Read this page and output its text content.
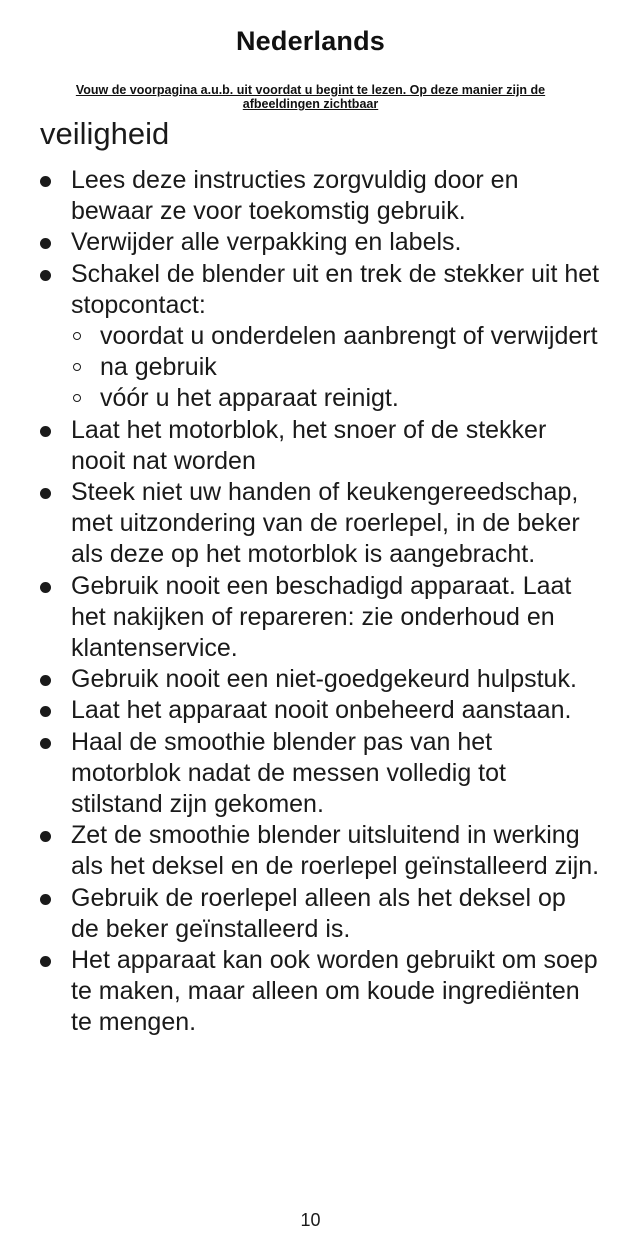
Nederlands
Vouw de voorpagina a.u.b. uit voordat u begint te lezen. Op deze manier zijn de afbeeldingen zichtbaar
veiligheid
Lees deze instructies zorgvuldig door en bewaar ze voor toekomstig gebruik.
Verwijder alle verpakking en labels.
Schakel de blender uit en trek de stekker uit het stopcontact:
voordat u onderdelen aanbrengt of verwijdert
na gebruik
vóór u het apparaat reinigt.
Laat het motorblok, het snoer of de stekker nooit nat worden
Steek niet uw handen of keukengereedschap, met uitzondering van de roerlepel, in de beker als deze op het motorblok is aangebracht.
Gebruik nooit een beschadigd apparaat. Laat het nakijken of repareren: zie onderhoud en klantenservice.
Gebruik nooit een niet-goedgekeurd hulpstuk.
Laat het apparaat nooit onbeheerd aanstaan.
Haal de smoothie blender pas van het motorblok nadat de messen volledig tot stilstand zijn gekomen.
Zet de smoothie blender uitsluitend in werking als het deksel en de roerlepel geïnstalleerd zijn.
Gebruik de roerlepel alleen als het deksel op de beker geïnstalleerd is.
Het apparaat kan ook worden gebruikt om soep te maken, maar alleen om koude ingrediënten te mengen.
10
